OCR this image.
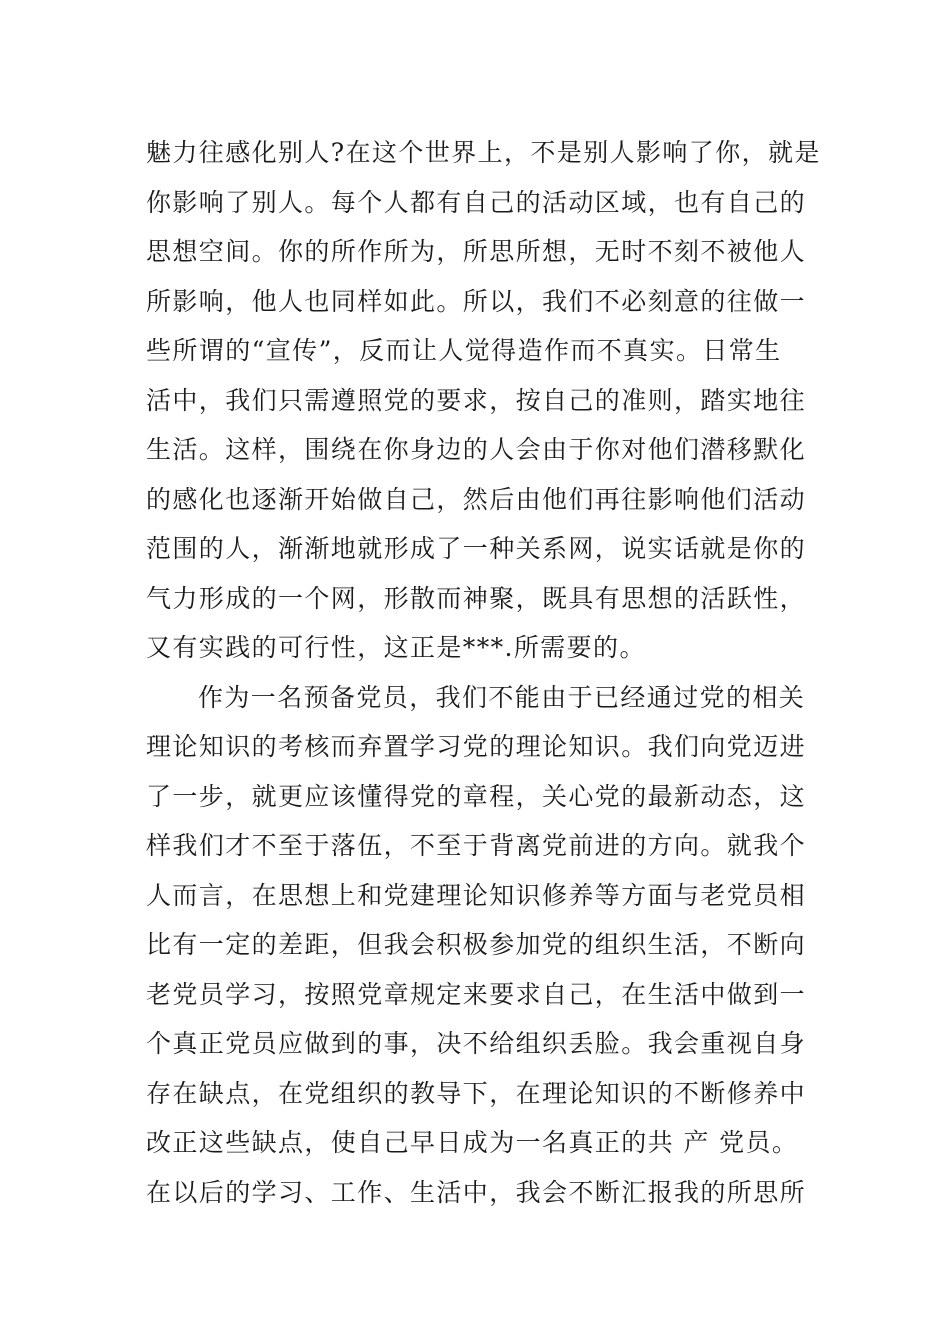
魅力往感化别人?在这个世界上，不是别人影响了你，就是
你影响了别人。每个人都有自己的活动区域，也有自己的
思想空间。你的所作所为，所思所想，无时不刻不被他人
所影响，他人也同样如此。所以，我们不必刻意的往做一
些所谓的“宣传”，反而让人觉得造作而不真实。日常生
活中，我们只需遵照党的要求，按自己的准则，踏实地往
生活。这样，围绕在你身边的人会由于你对他们潜移默化
的感化也逐渐开始做自己，然后由他们再往影响他们活动
范围的人，渐渐地就形成了一种关系网，说实话就是你的
气力形成的一个网，形散而神聚，既具有思想的活跃性，
又有实践的可行性，这正是***.所需要的。
作为一名预备党员，我们不能由于已经通过党的相关
理论知识的考核而弃置学习党的理论知识。我们向党迈进
了一步，就更应该懂得党的章程，关心党的最新动态，这
样我们才不至于落伍，不至于背离党前进的方向。就我个
人而言，在思想上和党建理论知识修养等方面与老党员相
比有一定的差距，但我会积极参加党的组织生活，不断向
老党员学习，按照党章规定来要求自己，在生活中做到一
个真正党员应做到的事，决不给组织丢脸。我会重视自身
存在缺点，在党组织的教导下，在理论知识的不断修养中
改正这些缺点，使自己早日成为一名真正的共 产 党员。
在以后的学习、工作、生活中，我会不断汇报我的所思所
